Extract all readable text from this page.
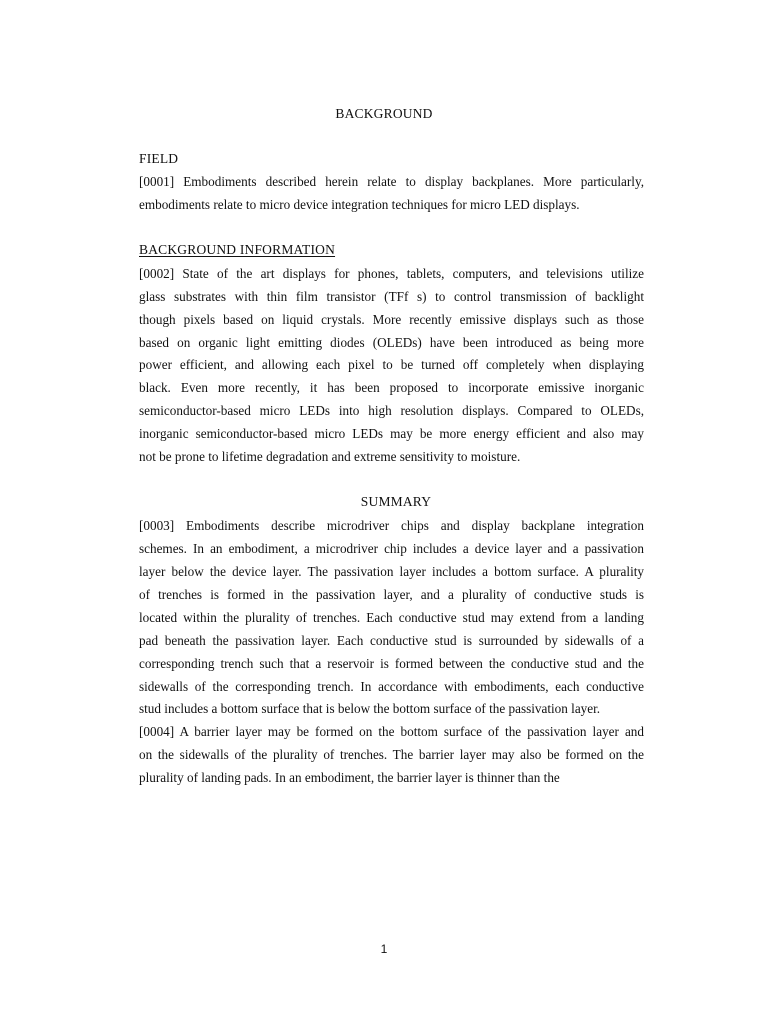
BACKGROUND
FIELD
[0001] Embodiments described herein relate to display backplanes. More particularly,
embodiments relate to micro device integration techniques for micro LED displays.
BACKGROUND INFORMATION
[0002] State of the art displays for phones, tablets, computers, and televisions utilize
glass substrates with thin film transistor (TFf s) to control transmission of backlight
though pixels based on liquid crystals. More recently emissive displays such as those
based on organic light emitting diodes (OLEDs) have been introduced as being more
power efficient, and allowing each pixel to be turned off completely when displaying
black. Even more recently, it has been proposed to incorporate emissive inorganic
semiconductor-based micro LEDs into high resolution displays. Compared to OLEDs,
inorganic semiconductor-based micro LEDs may be more energy efficient and also may
not be prone to lifetime degradation and extreme sensitivity to moisture.
SUMMARY
[0003] Embodiments describe microdriver chips and display backplane integration
schemes. In an embodiment, a microdriver chip includes a device layer and a passivation
layer below the device layer. The passivation layer includes a bottom surface. A plurality
of trenches is formed in the passivation layer, and a plurality of conductive studs is
located within the plurality of trenches. Each conductive stud may extend from a landing
pad beneath the passivation layer. Each conductive stud is surrounded by sidewalls of a
corresponding trench such that a reservoir is formed between the conductive stud and the
sidewalls of the corresponding trench. In accordance with embodiments, each conductive
stud includes a bottom surface that is below the bottom surface of the passivation layer.
[0004] A barrier layer may be formed on the bottom surface of the passivation layer and
on the sidewalls of the plurality of trenches. The barrier layer may also be formed on the
plurality of landing pads. In an embodiment, the barrier layer is thinner than the
1
